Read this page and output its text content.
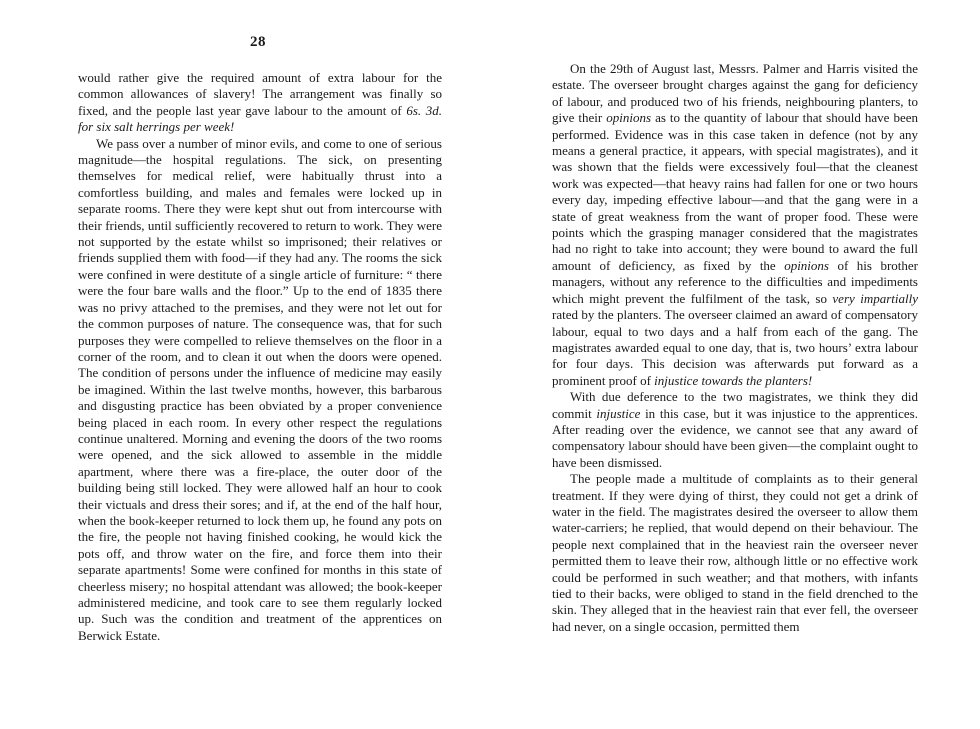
28

would rather give the required amount of extra labour for the common allowances of slavery! The arrangement was finally so fixed, and the people last year gave labour to the amount of 6s. 3d. for six salt herrings per week!

We pass over a number of minor evils, and come to one of serious magnitude—the hospital regulations. The sick, on presenting themselves for medical relief, were habitually thrust into a comfortless building, and males and females were locked up in separate rooms. There they were kept shut out from intercourse with their friends, until sufficiently recovered to return to work. They were not supported by the estate whilst so imprisoned; their relatives or friends supplied them with food—if they had any. The rooms the sick were confined in were destitute of a single article of furniture: “ there were the four bare walls and the floor.” Up to the end of 1835 there was no privy attached to the premises, and they were not let out for the common purposes of nature. The consequence was, that for such purposes they were compelled to relieve themselves on the floor in a corner of the room, and to clean it out when the doors were opened. The condition of persons under the influence of medicine may easily be imagined. Within the last twelve months, however, this barbarous and disgusting practice has been obviated by a proper convenience being placed in each room. In every other respect the regulations continue unaltered. Morning and evening the doors of the two rooms were opened, and the sick allowed to assemble in the middle apartment, where there was a fire-place, the outer door of the building being still locked. They were allowed half an hour to cook their victuals and dress their sores; and if, at the end of the half hour, when the book-keeper returned to lock them up, he found any pots on the fire, the people not having finished cooking, he would kick the pots off, and throw water on the fire, and force them into their separate apartments! Some were confined for months in this state of cheerless misery; no hospital attendant was allowed; the book-keeper administered medicine, and took care to see them regularly locked up. Such was the condition and treatment of the apprentices on Berwick Estate.

On the 29th of August last, Messrs. Palmer and Harris visited the estate. The overseer brought charges against the gang for deficiency of labour, and produced two of his friends, neighbouring planters, to give their opinions as to the quantity of labour that should have been performed. Evidence was in this case taken in defence (not by any means a general practice, it appears, with special magistrates), and it was shown that the fields were excessively foul—that the cleanest work was expected—that heavy rains had fallen for one or two hours every day, impeding effective labour—and that the gang were in a state of great weakness from the want of proper food. These were points which the grasping manager considered that the magistrates had no right to take into account; they were bound to award the full amount of deficiency, as fixed by the opinions of his brother managers, without any reference to the difficulties and impediments which might prevent the fulfilment of the task, so very impartially rated by the planters. The overseer claimed an award of compensatory labour, equal to two days and a half from each of the gang. The magistrates awarded equal to one day, that is, two hours’ extra labour for four days. This decision was afterwards put forward as a prominent proof of injustice towards the planters!

With due deference to the two magistrates, we think they did commit injustice in this case, but it was injustice to the apprentices. After reading over the evidence, we cannot see that any award of compensatory labour should have been given—the complaint ought to have been dismissed.

The people made a multitude of complaints as to their general treatment. If they were dying of thirst, they could not get a drink of water in the field. The magistrates desired the overseer to allow them water-carriers; he replied, that would depend on their behaviour. The people next complained that in the heaviest rain the overseer never permitted them to leave their row, although little or no effective work could be performed in such weather; and that mothers, with infants tied to their backs, were obliged to stand in the field drenched to the skin. They alleged that in the heaviest rain that ever fell, the overseer had never, on a single occasion, permitted them
